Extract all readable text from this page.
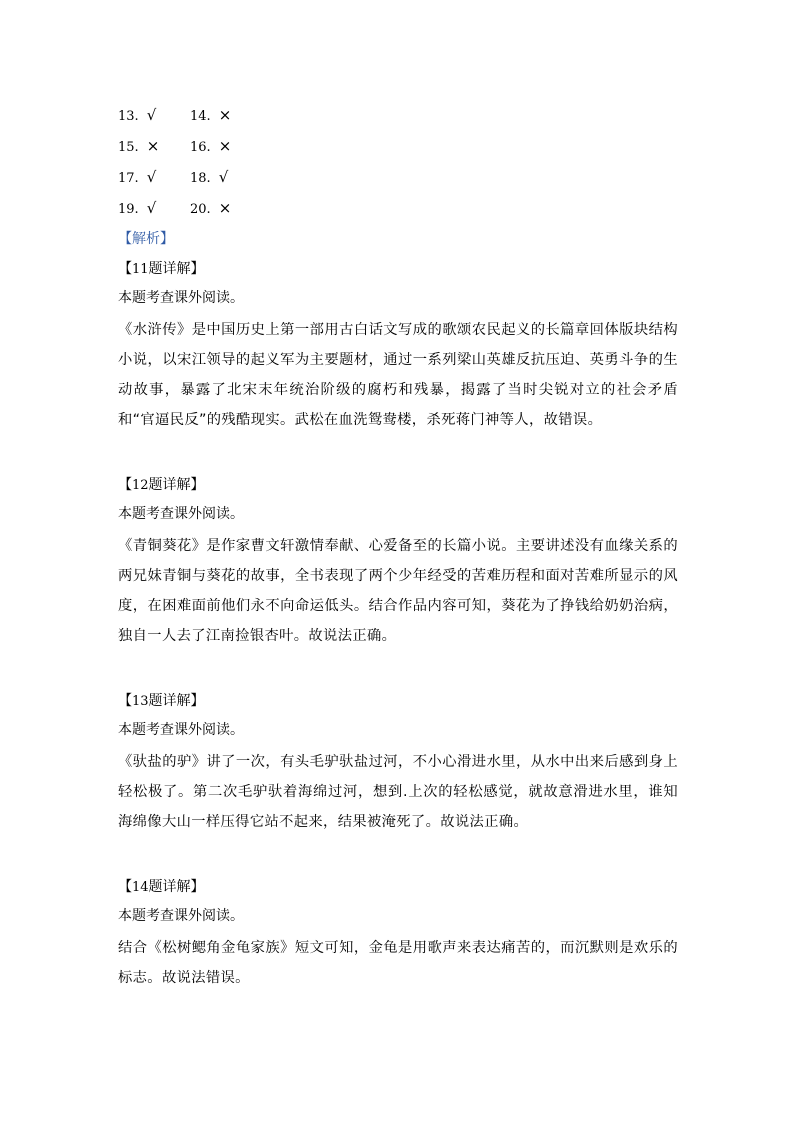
13. √	14. ×
15. ×	16. ×
17. √	18. √
19. √	20. ×
【解析】
【11题详解】
本题考查课外阅读。

《水浒传》是中国历史上第一部用古白话文写成的歌颂农民起义的长篇章回体版块结构小说，以宋江领导的起义军为主要题材，通过一系列梁山英雄反抗压迫、英勇斗争的生动故事，暴露了北宋末年统治阶级的腐朽和残暴，揭露了当时尖锐对立的社会矛盾和“官逼民反”的残酷现实。武松在血洗鸳鸯楼，杀死蒋门神等人，故错误。

【12题详解】
本题考查课外阅读。

《青铜葵花》是作家曹文轩激情奉献、心爱备至的长篇小说。主要讲述没有血缘关系的两兄妹青铜与葵花的故事，全书表现了两个少年经受的苦难历程和面对苦难所显示的风度，在困难面前他们永不向命运低头。结合作品内容可知，葵花为了挣钱给奶奶治病，独自一人去了江南捡银杏叶。故说法正确。

【13题详解】
本题考查课外阅读。

《驮盐的驴》讲了一次，有头毛驴驮盐过河，不小心滑进水里，从水中出来后感到身上轻松极了。第二次毛驴驮着海绵过河，想到.上次的轻松感觉，就故意滑进水里，谁知海绵像大山一样压得它站不起来，结果被淹死了。故说法正确。

【14题详解】
本题考查课外阅读。

结合《松树鳃角金龟家族》短文可知，金龟是用歌声来表达痛苦的，而沉默则是欢乐的标志。故说法错误。
